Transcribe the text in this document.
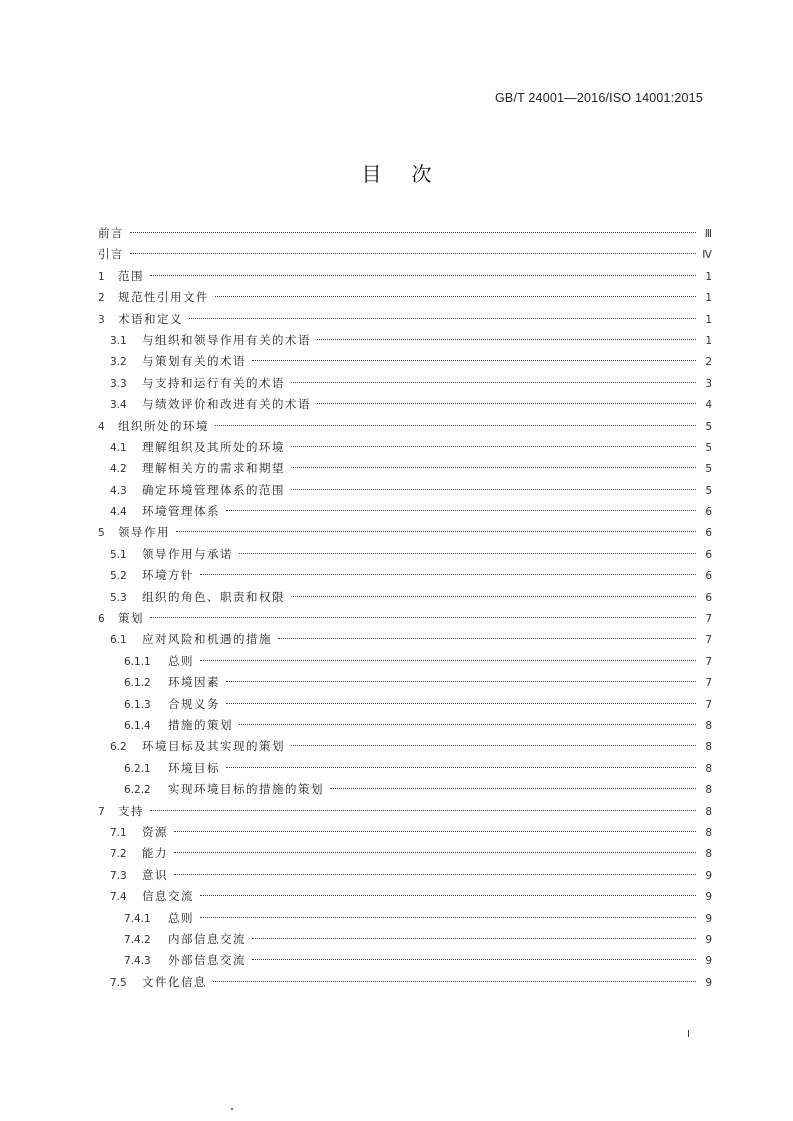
GB/T 24001—2016/ISO 14001:2015
目次
前言	Ⅲ
引言	Ⅳ
1	范围	1
2	规范性引用文件	1
3	术语和定义	1
3.1	与组织和领导作用有关的术语	1
3.2	与策划有关的术语	2
3.3	与支持和运行有关的术语	3
3.4	与绩效评价和改进有关的术语	4
4	组织所处的环境	5
4.1	理解组织及其所处的环境	5
4.2	理解相关方的需求和期望	5
4.3	确定环境管理体系的范围	5
4.4	环境管理体系	6
5	领导作用	6
5.1	领导作用与承诺	6
5.2	环境方针	6
5.3	组织的角色、职责和权限	6
6	策划	7
6.1	应对风险和机遇的措施	7
6.1.1	总则	7
6.1.2	环境因素	7
6.1.3	合规义务	7
6.1.4	措施的策划	8
6.2	环境目标及其实现的策划	8
6.2.1	环境目标	8
6.2.2	实现环境目标的措施的策划	8
7	支持	8
7.1	资源	8
7.2	能力	8
7.3	意识	9
7.4	信息交流	9
7.4.1	总则	9
7.4.2	内部信息交流	9
7.4.3	外部信息交流	9
7.5	文件化信息	9
I
